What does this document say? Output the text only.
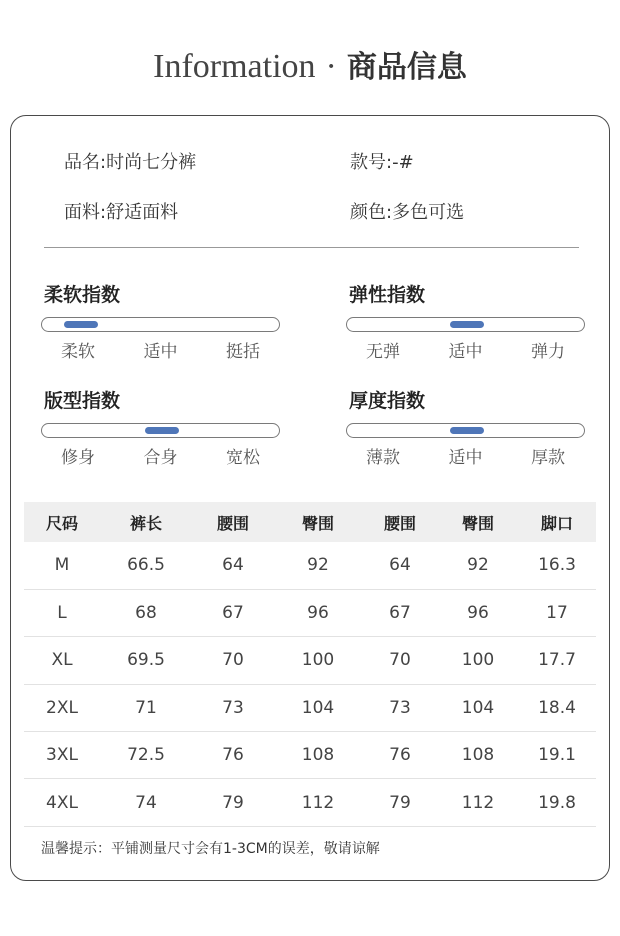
Information · 商品信息
品名:时尚七分裤	款号:-#
面料:舒适面料	颜色:多色可选
柔软指数
柔软	适中	挺括
弹性指数
无弹	适中	弹力
版型指数
修身	合身	宽松
厚度指数
薄款	适中	厚款
尺码	裤长	腰围	臀围	腰围	臀围	脚口
M	66.5	64	92	64	92	16.3
L	68	67	96	67	96	17
XL	69.5	70	100	70	100	17.7
2XL	71	73	104	73	104	18.4
3XL	72.5	76	108	76	108	19.1
4XL	74	79	112	79	112	19.8
温馨提示：平铺测量尺寸会有1-3CM的误差，敬请谅解
